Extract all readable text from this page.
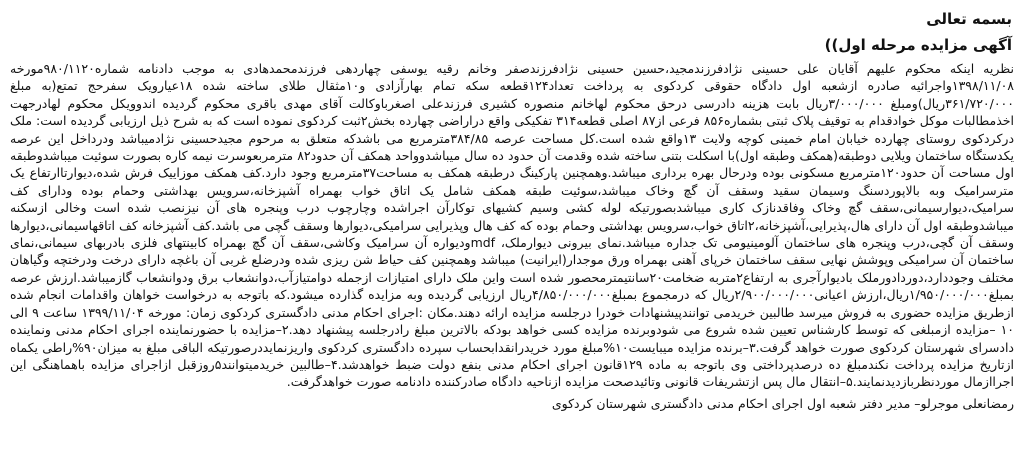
بسمه تعالی
آگهی مزایده مرحله اول))

نظریه اینکه محکوم علیهم آقایان علی حسینی نژادفرزندمجید،حسین حسینی نژادفرزندصفر وخانم رقیه یوسفی چهاردهی فرزندمحمدهادی به موجب دادنامه شماره۹۸۰/۱۱۲۰مورخه ۱۳۹۸/۱۱/۰۸واجرائیه صادره ازشعبه اول دادگاه حقوقی کردکوی به پرداخت تعداد۱۲۴قطعه سکه تمام بهارآزادی و۱۰مثقال طلای ساخته شده ۱۸عیارویک سفرحج تمتع(به مبلغ ۳۶۱/۷۲۰/۰۰۰ریال)ومبلغ ۳/۰۰۰/۰۰۰ریال بابت هزینه دادرسی درحق محکوم لهاخانم منصوره کشیری فرزندعلی اصغرباوکالت آقای مهدی باقری محکوم گردیده اندوویکل محکوم لهادرجهت اخذمطالبات موکل خوادقدام به توقیف پلاک ثبتی بشماره۸۵۶ فرعی از۸۷ اصلی قطعه۳۱۴ تفکیکی واقع دراراضی چهارده بخش۲ثبت کردکوی نموده است که به شرح ذیل ارزیابی گردیده است: ملک درکردکوی روستای چهارده خیابان امام خمینی کوچه ولایت ۱۳واقع شده است.کل مساحت عرصه ۳۸۴/۸۵مترمربع می باشدکه متعلق به مرحوم مجیدحسینی نژادمیباشد ودرداخل این عرصه یکدستگاه ساختمان ویلایی دوطبقه(همکف وطبقه اول)با اسکلت بتنی ساخته شده وقدمت آن حدود ده سال میباشدوواحد همکف آن حدود۸۲ مترمربعوسرت نیمه کاره بصورت سوئیت میباشدوطبقه اول مساحت آن حدود۱۲۰مترمربع مسکونی بوده ودرحال بهره برداری میباشد.وهمچنین پارکینگ درطبقه همکف به مساحت۳۷مترمربع وجود دارد.کف همکف موزاییک فرش شده،دیوارتاارتفاع یک مترسرامیک وبه بالاپوردسنگ وسیمان سقید وسقف آن گچ وخاک میباشد،سوئیت طبقه همکف شامل یک اتاق خواب بهمراه آشپزخانه،سرویس بهداشتی وحمام بوده ودارای کف سرامیک،دیوارسیمانی،سقف گچ وخاک وفاقدنازک کاری میباشدبصورتیکه لوله کشی وسیم کشیهای توکارآن اجراشده وچارچوب درب وپنجره های آن نیزنصب شده است وخالی ازسکنه میباشدوطبقه اول آن دارای هال،پذیرایی،آشپزخانه،۲اتاق خواب،سرویس بهداشتی وحمام بوده که کف هال وپذیرایی سرامیکی،دیوارها وسقف گچی می باشد.کف آشپزخانه کف اتاقهاسیمانی،دیوارها وسقف آن گچی،درب وپنجره های ساختمان آلومینیومی تک جداره میباشد.نمای بیرونی دیوارملک، mdfودیواره آن سرامیک وکاشی،سقف آن گچ بهمراه کابینتهای فلزی بادربهای سیمانی،نمای ساختمان آن سرامیکی وپوشش نهایی سقف ساختمان خرپای آهنی بهمراه ورق موجدار(ایرانیت) میباشد وهمچنین کف حیاط شن ریزی شده ودرضلع غربی آن باغچه دارای درخت ودرختچه وگیاهان مختلف وجوددارد،دوردادورملک بادیوارآجری به ارتفاع۲متربه ضخامت۲۰سانتیمترمحصور شده است واین ملک دارای امتیازات ازجمله دوامتیازآب،دوانشعاب برق ودوانشعاب گازمیباشد.ارزش عرصه بمبلغ۱/۹۵۰/۰۰۰/۰۰۰ریال،ارزش اعیانی۲/۹۰۰/۰۰۰/۰۰۰ریال که درمجموع بمبلغ۴/۸۵۰/۰۰۰/۰۰۰ریال ارزیابی گردیده وبه مزایده گذارده میشود.که باتوجه به درخواست خواهان واقدامات انجام شده ازطریق مزایده حضوری به فروش میرسد طالبین خریدمی توانندپیشنهادات خودرا درجلسه مزایده ارائه دهند.مکان :اجرای احکام مدنی دادگستری کردکوی زمان: مورخه ۱۳۹۹/۱۱/۰۴ ساعت ۹ الی ۱۰ –مزایده ازمبلغی که توسط کارشناس تعیین شده شروع می شودوبرنده مزایده کسی خواهد بودکه بالاترین مبلغ رادرجلسه پیشنهاد دهد.۲–مزایده با حضورنماینده اجرای احکام مدنی ونماینده دادسرای شهرستان کردکوی صورت خواهد گرفت.۳–برنده مزایده میبایست۱۰%مبلغ مورد خریدرانقدابحساب سپرده دادگستری کردکوی واریزنمایددرصورتیکه الباقی مبلغ به میزان۹۰%راطی یکماه ازتاریخ مزایده پرداخت نکندمبلغ ده درصدپرداختی وی باتوجه به ماده ۱۲۹قانون اجرای احکام مدنی بنفع دولت ضبط خواهدشد.۴–طالبین خریدمیتوانند۵روزقبل ازاجرای مزایده باهماهنگی این اجراازمال موردنظربازدیدنمایند.۵–انتقال مال پس ازتشریفات قانونی وتائیدصحت مزایده ازناحیه دادگاه صادرکننده دادنامه صورت خواهدگرفت.

رمضانعلی موجرلو– مدیر دفتر شعبه اول اجرای احکام مدنی دادگستری شهرستان کردکوی
